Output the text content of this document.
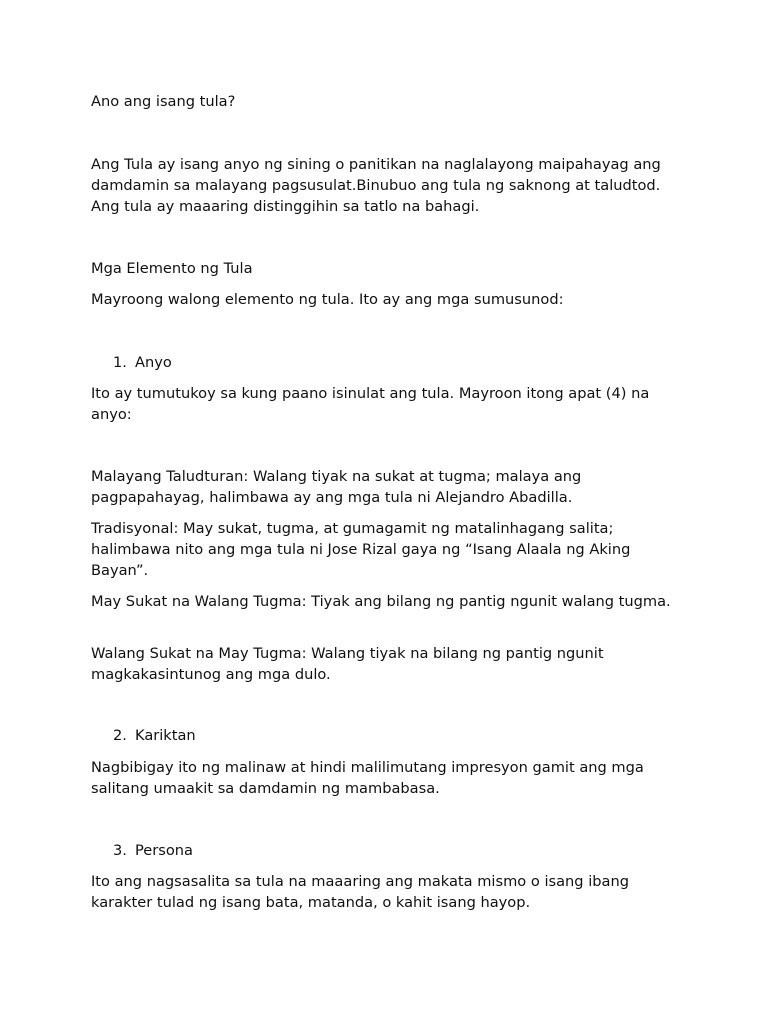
Ano ang isang tula?

Ang Tula ay isang anyo ng sining o panitikan na naglalayong maipahayag ang damdamin sa malayang pagsusulat.Binubuo ang tula ng saknong at taludtod. Ang tula ay maaaring distinggihin sa tatlo na bahagi.

Mga Elemento ng Tula

Mayroong walong elemento ng tula. Ito ay ang mga sumusunod:

1. Anyo

Ito ay tumutukoy sa kung paano isinulat ang tula. Mayroon itong apat (4) na anyo:

Malayang Taludturan: Walang tiyak na sukat at tugma; malaya ang pagpapahayag, halimbawa ay ang mga tula ni Alejandro Abadilla.

Tradisyonal: May sukat, tugma, at gumagamit ng matalinhagang salita; halimbawa nito ang mga tula ni Jose Rizal gaya ng “Isang Alaala ng Aking Bayan”.

May Sukat na Walang Tugma: Tiyak ang bilang ng pantig ngunit walang tugma.

Walang Sukat na May Tugma: Walang tiyak na bilang ng pantig ngunit magkakasintunog ang mga dulo.

2. Kariktan

Nagbibigay ito ng malinaw at hindi malilimutang impresyon gamit ang mga salitang umaakit sa damdamin ng mambabasa.

3. Persona

Ito ang nagsasalita sa tula na maaaring ang makata mismo o isang ibang karakter tulad ng isang bata, matanda, o kahit isang hayop.
